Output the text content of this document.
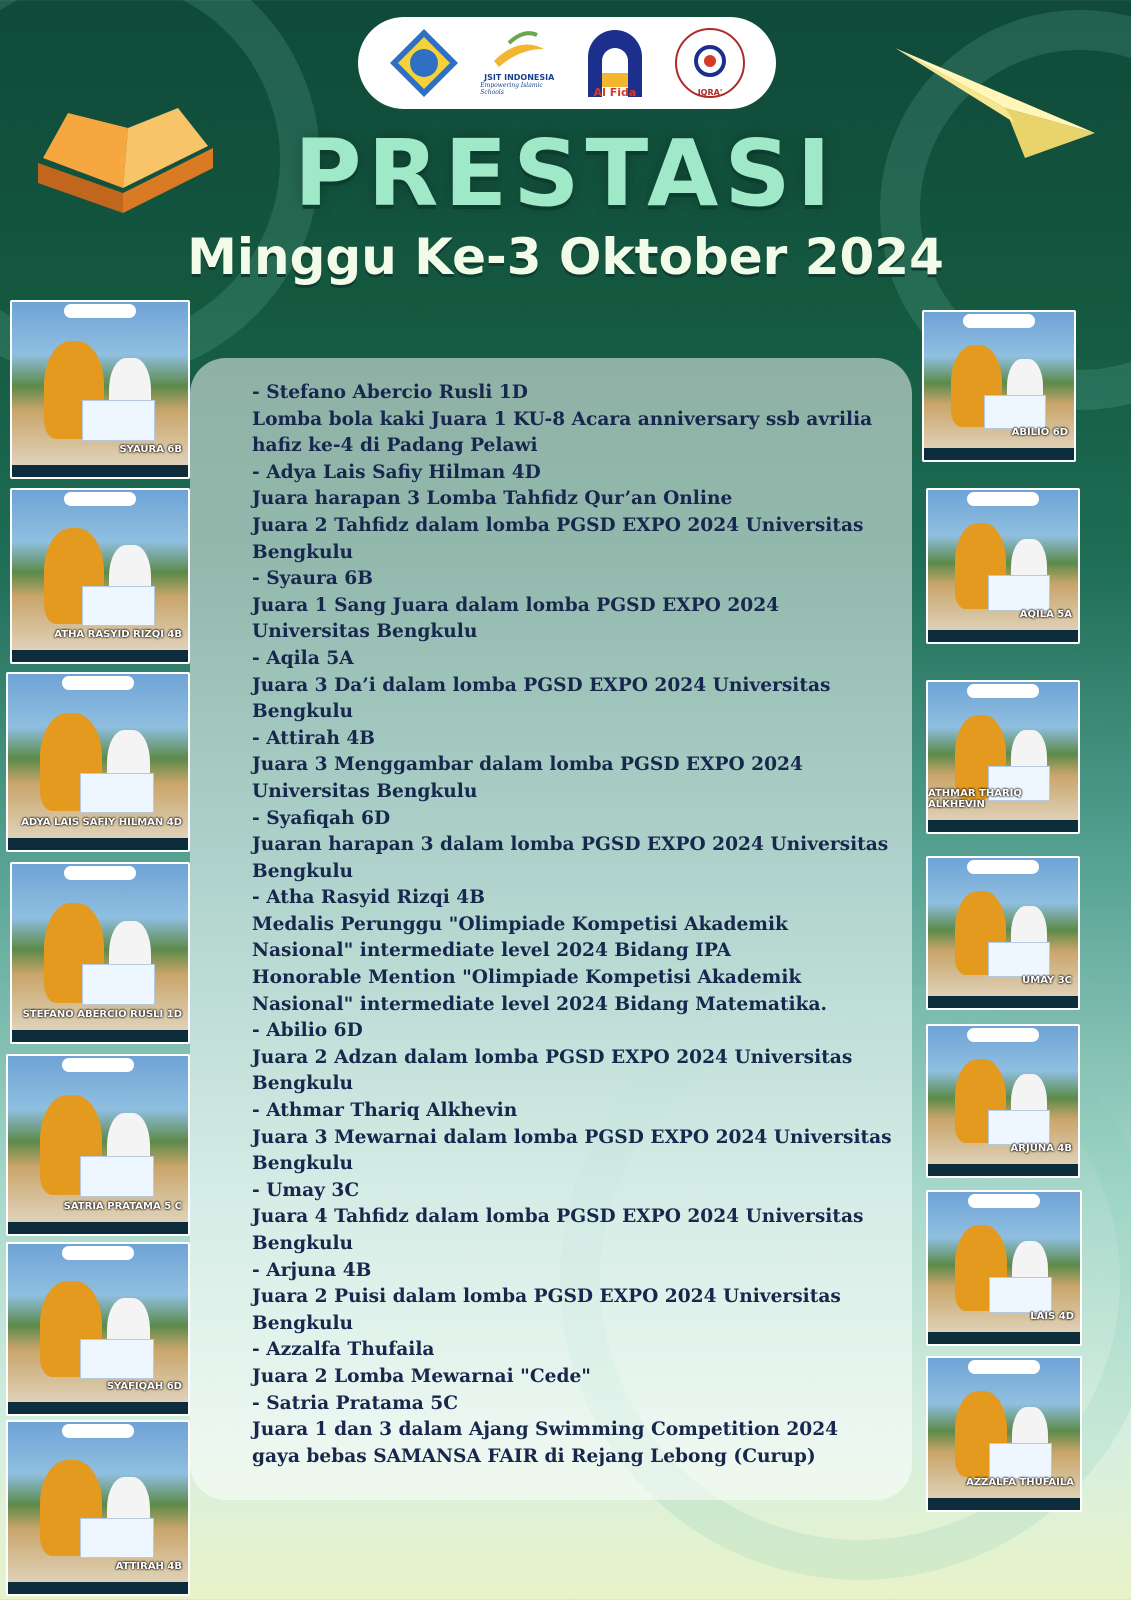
JSIT INDONESIA
Empowering Islamic Schools	Al Fida	IQRA'
PRESTASI
Minggu Ke-3 Oktober 2024
- Stefano Abercio Rusli 1D
Lomba bola kaki Juara 1 KU-8 Acara anniversary ssb avrilia hafiz ke-4 di Padang Pelawi
- Adya Lais Safiy Hilman 4D
Juara harapan 3 Lomba Tahfidz Qur’an Online
Juara 2 Tahfidz dalam lomba PGSD EXPO 2024 Universitas Bengkulu
- Syaura 6B
Juara 1 Sang Juara dalam lomba PGSD EXPO 2024 Universitas Bengkulu
- Aqila 5A
Juara 3 Da’i dalam lomba PGSD EXPO 2024 Universitas Bengkulu
- Attirah 4B
Juara 3 Menggambar dalam lomba PGSD EXPO 2024 Universitas Bengkulu
- Syafiqah 6D
Juaran harapan 3 dalam lomba PGSD EXPO 2024 Universitas Bengkulu
- Atha Rasyid Rizqi 4B
Medalis Perunggu "Olimpiade Kompetisi Akademik Nasional" intermediate level 2024 Bidang IPA
Honorable Mention "Olimpiade Kompetisi Akademik Nasional" intermediate level 2024 Bidang Matematika.
- Abilio 6D
Juara 2 Adzan dalam lomba PGSD EXPO 2024 Universitas Bengkulu
- Athmar Thariq Alkhevin
Juara 3 Mewarnai dalam lomba PGSD EXPO 2024 Universitas Bengkulu
- Umay 3C
Juara 4 Tahfidz dalam lomba PGSD EXPO 2024 Universitas Bengkulu
- Arjuna 4B
Juara 2 Puisi dalam lomba PGSD EXPO 2024 Universitas Bengkulu
- Azzalfa Thufaila
Juara 2 Lomba Mewarnai "Cede"
- Satria Pratama 5C
Juara 1 dan 3 dalam Ajang Swimming Competition 2024 gaya bebas SAMANSA FAIR di Rejang Lebong (Curup)
SYAURA 6B
ATHA RASYID RIZQI 4B
ADYA LAIS SAFIY HILMAN 4D
STEFANO ABERCIO RUSLI 1D
SATRIA PRATAMA 5 C
SYAFIQAH 6D
ATTIRAH 4B
ABILIO 6D
AQILA 5A
ATHMAR THARIQ ALKHEVIN
UMAY 3C
ARJUNA 4B
LAIS 4D
AZZALFA THUFAILA
